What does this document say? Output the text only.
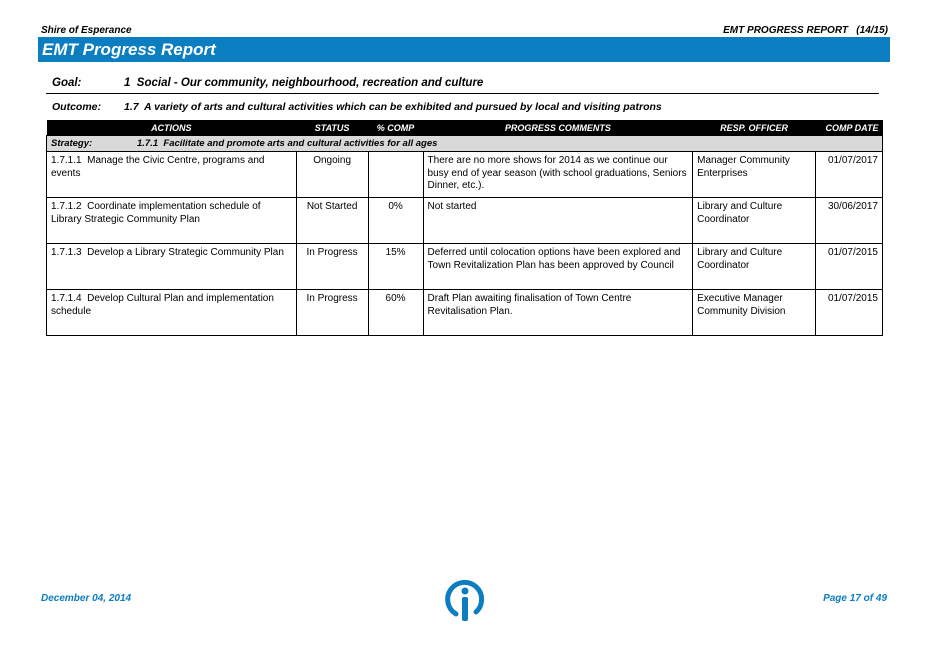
Shire of Esperance	EMT PROGRESS REPORT   (14/15)
EMT Progress Report
Goal:	1  Social - Our community, neighbourhood, recreation and culture
Outcome: 1.7  A variety of arts and cultural activities which can be exhibited and pursued by local and visiting patrons
ACTIONS	STATUS	% COMP	PROGRESS COMMENTS	RESP. OFFICER	COMP DATE
Strategy: 1.7.1  Facilitate and promote arts and cultural activities for all ages					
1.7.1.1  Manage the Civic Centre, programs and events	Ongoing		There are no more shows for 2014 as we continue our busy end of year season (with school graduations, Seniors Dinner, etc.).	Manager Community Enterprises	01/07/2017
1.7.1.2  Coordinate implementation schedule of Library Strategic Community Plan	Not Started	0%	Not started	Library and Culture Coordinator	30/06/2017
1.7.1.3  Develop a Library Strategic Community Plan	In Progress	15%	Deferred until colocation options have been explored and Town Revitalization Plan has been approved by Council	Library and Culture Coordinator	01/07/2015
1.7.1.4  Develop Cultural Plan and implementation schedule	In Progress	60%	Draft Plan awaiting finalisation of Town Centre Revitalisation Plan.	Executive Manager Community Division	01/07/2015
December 04, 2014	Page 17 of 49
